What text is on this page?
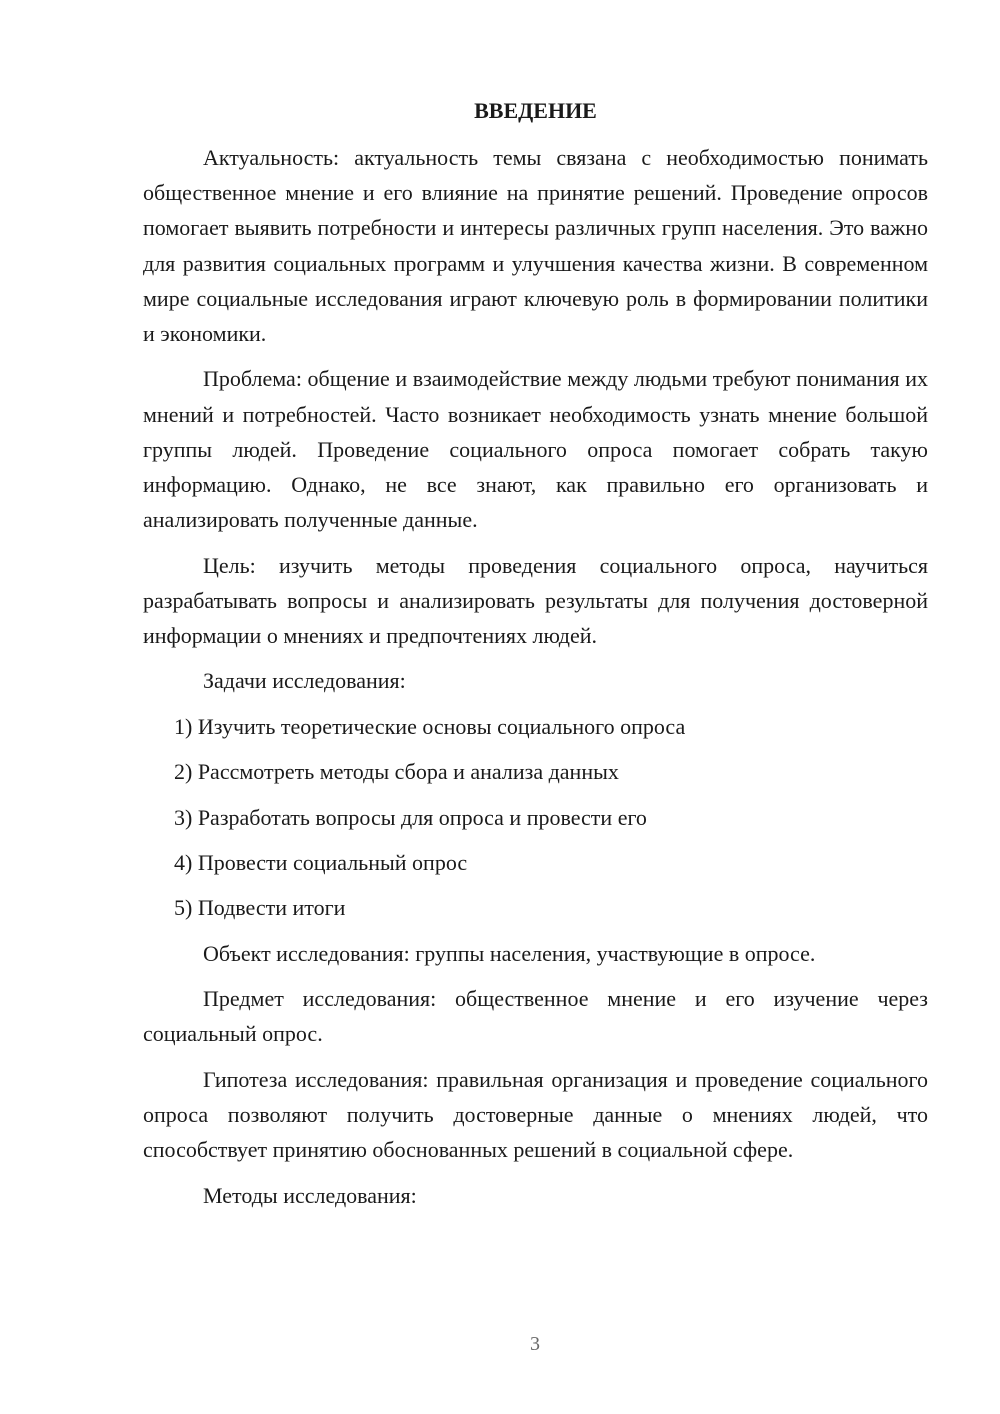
ВВЕДЕНИЕ

Актуальность: актуальность темы связана с необходимостью понимать общественное мнение и его влияние на принятие решений. Проведение опросов помогает выявить потребности и интересы различных групп населения. Это важно для развития социальных программ и улучшения качества жизни. В современном мире социальные исследования играют ключевую роль в формировании политики и экономики.

Проблема: общение и взаимодействие между людьми требуют понимания их мнений и потребностей. Часто возникает необходимость узнать мнение большой группы людей. Проведение социального опроса помогает собрать такую информацию. Однако, не все знают, как правильно его организовать и анализировать полученные данные.

Цель: изучить методы проведения социального опроса, научиться разрабатывать вопросы и анализировать результаты для получения достоверной информации о мнениях и предпочтениях людей.

Задачи исследования:

1) Изучить теоретические основы социального опроса

2) Рассмотреть методы сбора и анализа данных

3) Разработать вопросы для опроса и провести его

4) Провести социальный опрос

5) Подвести итоги

Объект исследования: группы населения, участвующие в опросе.

Предмет исследования: общественное мнение и его изучение через социальный опрос.

Гипотеза исследования: правильная организация и проведение социального опроса позволяют получить достоверные данные о мнениях людей, что способствует принятию обоснованных решений в социальной сфере.

Методы исследования:

3
